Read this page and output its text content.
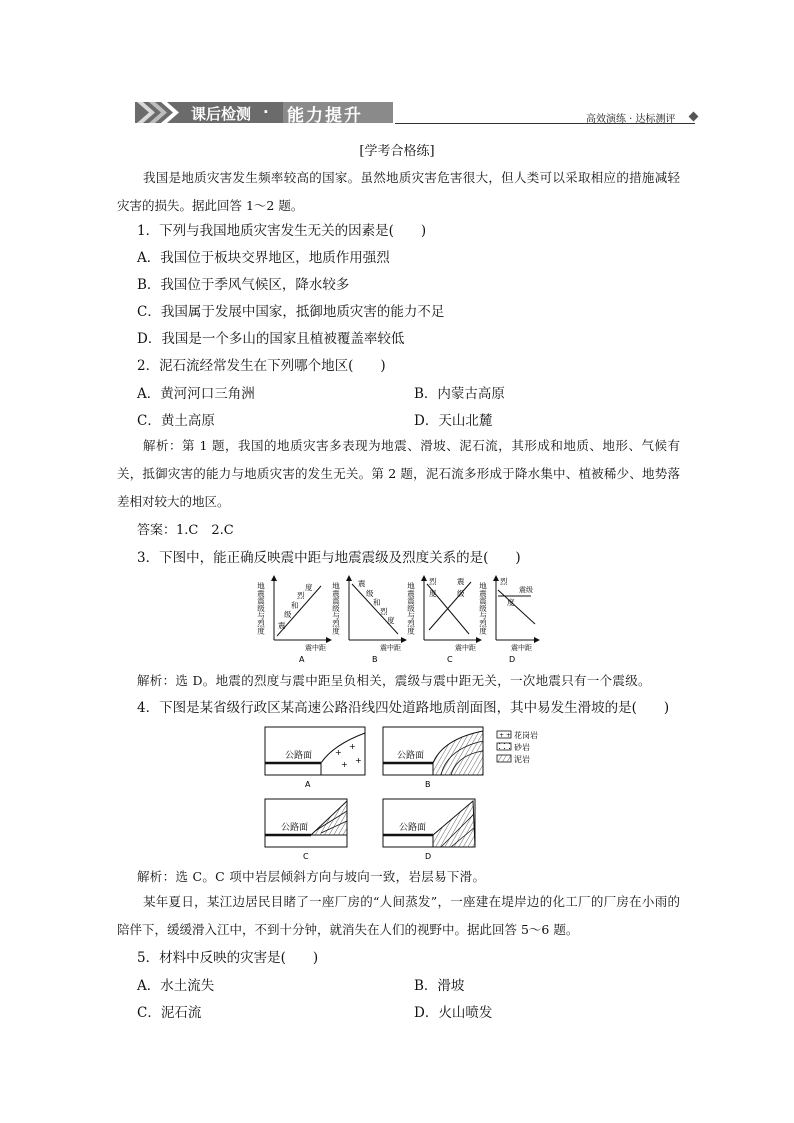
课后检测 · 能力提升	高效演练 · 达标测评
[学考合格练]
我国是地质灾害发生频率较高的国家。虽然地质灾害危害很大，但人类可以采取相应的措施减轻灾害的损失。据此回答 1～2 题。
1．下列与我国地质灾害发生无关的因素是(　　)
A．我国位于板块交界地区，地质作用强烈
B．我国位于季风气候区，降水较多
C．我国属于发展中国家，抵御地质灾害的能力不足
D．我国是一个多山的国家且植被覆盖率较低
2．泥石流经常发生在下列哪个地区(　　)
A．黄河河口三角洲	B．内蒙古高原
C．黄土高原	D．天山北麓
解析：第 1 题，我国的地质灾害多表现为地震、滑坡、泥石流，其形成和地质、地形、气候有关，抵御灾害的能力与地质灾害的发生无关。第 2 题，泥石流多形成于降水集中、植被稀少、地势落差相对较大的地区。
答案：1.C　2.C
3．下图中，能正确反映震中距与地震震级及烈度关系的是(　　)
地震震级与烈度	度
烈
和
级
震
震中距
A
地震震级与烈度 震
级
和
烈
度
震中距
B
地震震级与烈度
烈
度
震
级
震中距
C
地震震级与烈度
烈
度
震级
震中距
D
解析：选 D。地震的烈度与震中距呈负相关，震级与震中距无关，一次地震只有一个震级。
4．下图是某省级行政区某高速公路沿线四处道路地质剖面图，其中易发生滑坡的是(　　)
+
+
+ +
公路面
A
公路面
B
+ + 花岗岩
砂岩
泥岩
公路面
C
公路面
D
解析：选 C。C 项中岩层倾斜方向与坡向一致，岩层易下滑。
某年夏日，某江边居民目睹了一座厂房的“人间蒸发”，一座建在堤岸边的化工厂的厂房在小雨的陪伴下，缓缓滑入江中，不到十分钟，就消失在人们的视野中。据此回答 5～6 题。
5．材料中反映的灾害是(　　)
A．水土流失	B．滑坡
C．泥石流	D．火山喷发
